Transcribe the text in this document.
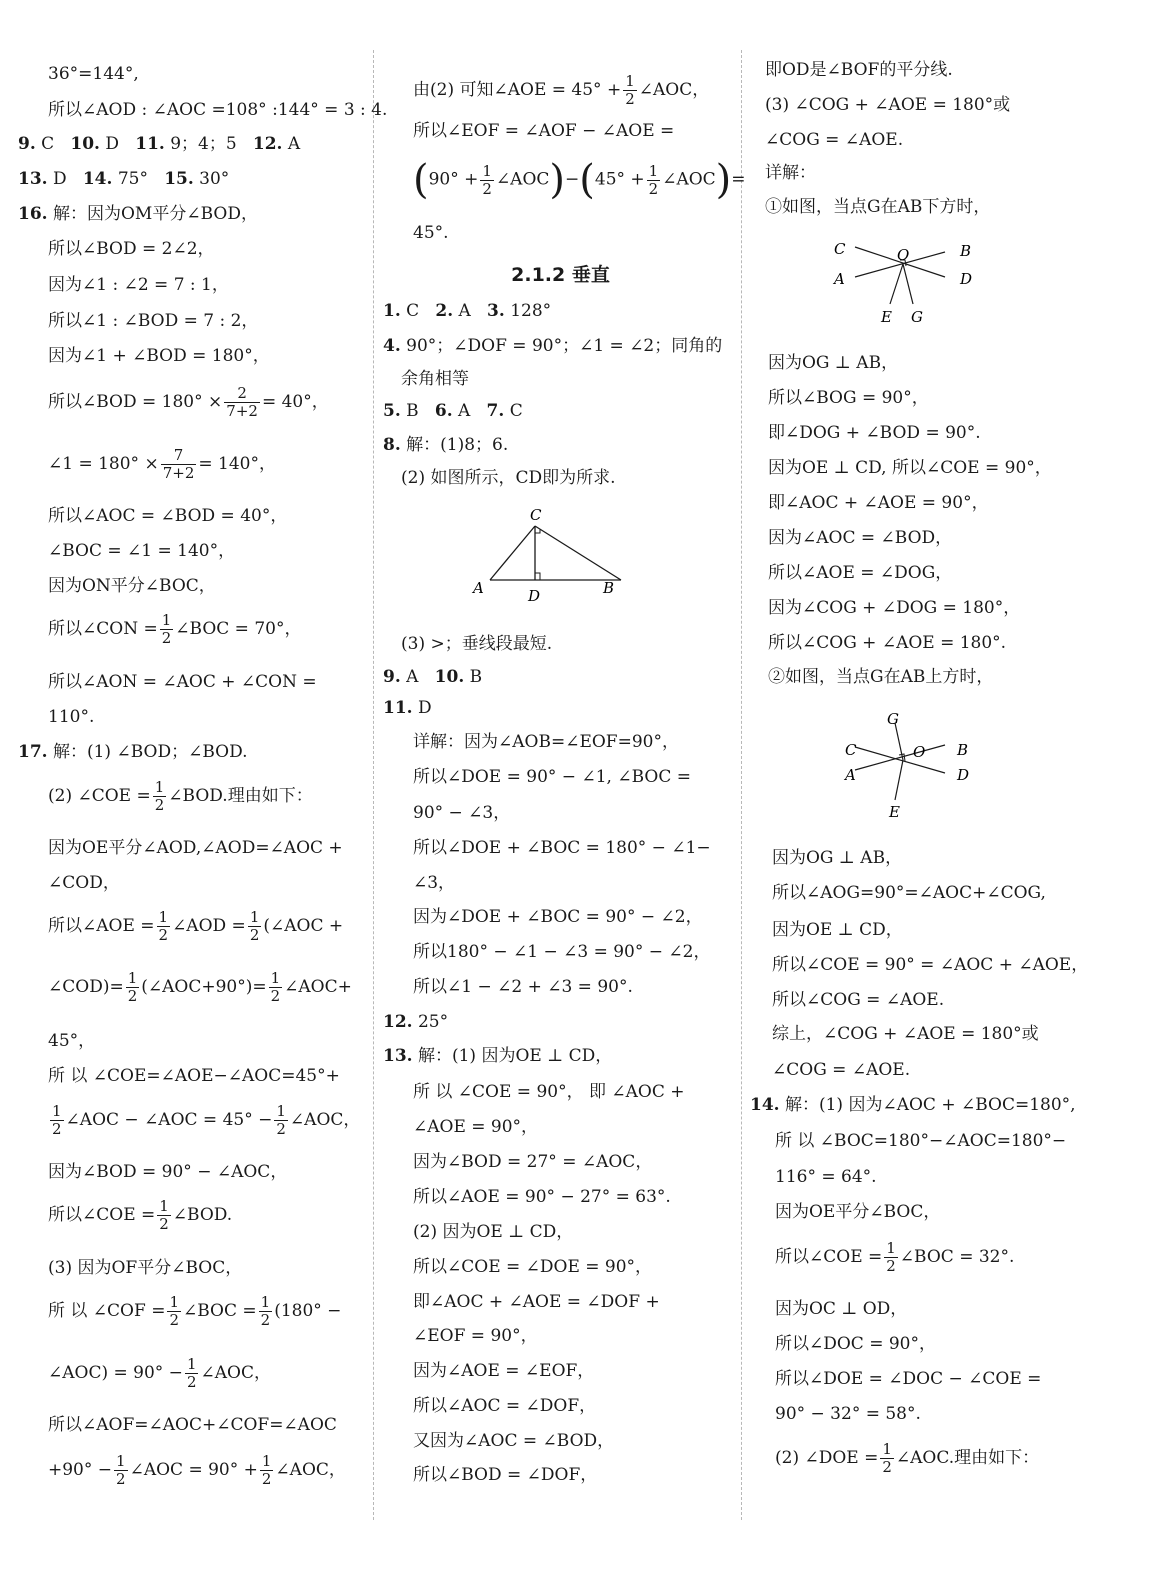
36°=144°,
所以∠AOD : ∠AOC =108° :144° = 3 : 4.
9. C 10. D 11. 9；4；5 12. A
13. D 14. 75° 15. 30°
16. 解：因为OM平分∠BOD，
所以∠BOD = 2∠2，
因为∠1 : ∠2 = 7 : 1，
所以∠1 : ∠BOD = 7 : 2，
因为∠1 + ∠BOD = 180°，
所以∠BOD = $180^\circ \times \frac{2}{7+2} = 40^\circ$，
∠1 = $180^\circ \times \frac{7}{7+2} = 140^\circ$，
所以∠AOC = ∠BOD = 40°，
∠BOC = ∠1 = 140°，
因为ON平分∠BOC，
所以∠CON = $\frac{1}{2}$ ∠BOC = 70°，
所以∠AON = ∠AOC + ∠CON =
110°.
17. 解：(1) ∠BOD；∠BOD.
(2) ∠COE = $\frac{1}{2}$ ∠BOD.理由如下：
因为OE平分∠AOD,∠AOD=∠AOC +
∠COD，
所以∠AOE = $\frac{1}{2}$ ∠AOD = $\frac{1}{2}$ (∠AOC +
∠COD)= $\frac{1}{2}$ (∠AOC+90°)= $\frac{1}{2}$ ∠AOC+
45°，
所 以 ∠COE=∠AOE−∠AOC=45°+
$\frac{1}{2}$ ∠AOC − ∠AOC = $45^\circ - \frac{1}{2}$ ∠AOC，
因为∠BOD = 90° − ∠AOC，
所以∠COE = $\frac{1}{2}$ ∠BOD.
(3) 因为OF平分∠BOC，
所 以 ∠COF = $\frac{1}{2}$ ∠BOC = $\frac{1}{2} (180^\circ$ −
∠AOC) = $90^\circ - \frac{1}{2}$ ∠AOC，
所以∠AOF=∠AOC+∠COF=∠AOC
$+90^\circ - \frac{1}{2}$ ∠AOC = $90^\circ + \frac{1}{2}$ ∠AOC，
由(2) 可知∠AOE = $45^\circ + \frac{1}{2}$ ∠AOC，
所以∠EOF = ∠AOF − ∠AOE =
($90^\circ + \frac{1}{2}$ ∠AOC)−(45° + $\frac{1}{2}$ ∠AOC)=
45°.
2.1.2 垂直
1. C 2. A 3. 128°
4. 90°；∠DOF = 90°；∠1 = ∠2；同角的
余角相等
5. B 6. A 7. C
8. 解：(1)8；6.
(2) 如图所示，CD即为所求.
C
A	D	B
(3) >；垂线段最短.
9. A 10. B
11. D
详解：因为∠AOB=∠EOF=90°，
所以∠DOE = 90° − ∠1, ∠BOC =
90° − ∠3，
所以∠DOE + ∠BOC = 180° − ∠1−
∠3，
因为∠DOE + ∠BOC = 90° − ∠2，
所以180° − ∠1 − ∠3 = 90° − ∠2，
所以∠1 − ∠2 + ∠3 = 90°.
12. 25°
13. 解：(1) 因为OE ⊥ CD，
所 以 ∠COE = 90°， 即 ∠AOC +
∠AOE = 90°，
因为∠BOD = 27° = ∠AOC，
所以∠AOE = 90° − 27° = 63°.
(2) 因为OE ⊥ CD，
所以∠COE = ∠DOE = 90°，
即∠AOC + ∠AOE = ∠DOF +
∠EOF = 90°，
因为∠AOE = ∠EOF，
所以∠AOC = ∠DOF，
又因为∠AOC = ∠BOD，
所以∠BOD = ∠DOF，
即OD是∠BOF的平分线.
(3) ∠COG + ∠AOE = 180°或
∠COG = ∠AOE.
详解：
①如图，当点G在AB下方时，
C	O	B
A	D
E G
因为OG ⊥ AB，
所以∠BOG = 90°，
即∠DOG + ∠BOD = 90°.
因为OE ⊥ CD, 所以∠COE = 90°，
即∠AOC + ∠AOE = 90°，
因为∠AOC = ∠BOD，
所以∠AOE = ∠DOG，
因为∠COG + ∠DOG = 180°，
所以∠COG + ∠AOE = 180°.
②如图，当点G在AB上方时，
G
C	O B
A	D
E
因为OG ⊥ AB，
所以∠AOG=90°=∠AOC+∠COG,
因为OE ⊥ CD，
所以∠COE = 90° = ∠AOC + ∠AOE，
所以∠COG = ∠AOE.
综上，∠COG + ∠AOE = 180°或
∠COG = ∠AOE.
14. 解：(1) 因为∠AOC + ∠BOC=180°,
所 以 ∠BOC=180°−∠AOC=180°−
116° = 64°.
因为OE平分∠BOC，
所以∠COE = $\frac{1}{2}$ ∠BOC = 32°.
因为OC ⊥ OD，
所以∠DOC = 90°，
所以∠DOE = ∠DOC − ∠COE =
90° − 32° = 58°.
(2) ∠DOE = $\frac{1}{2}$ ∠AOC.理由如下：
